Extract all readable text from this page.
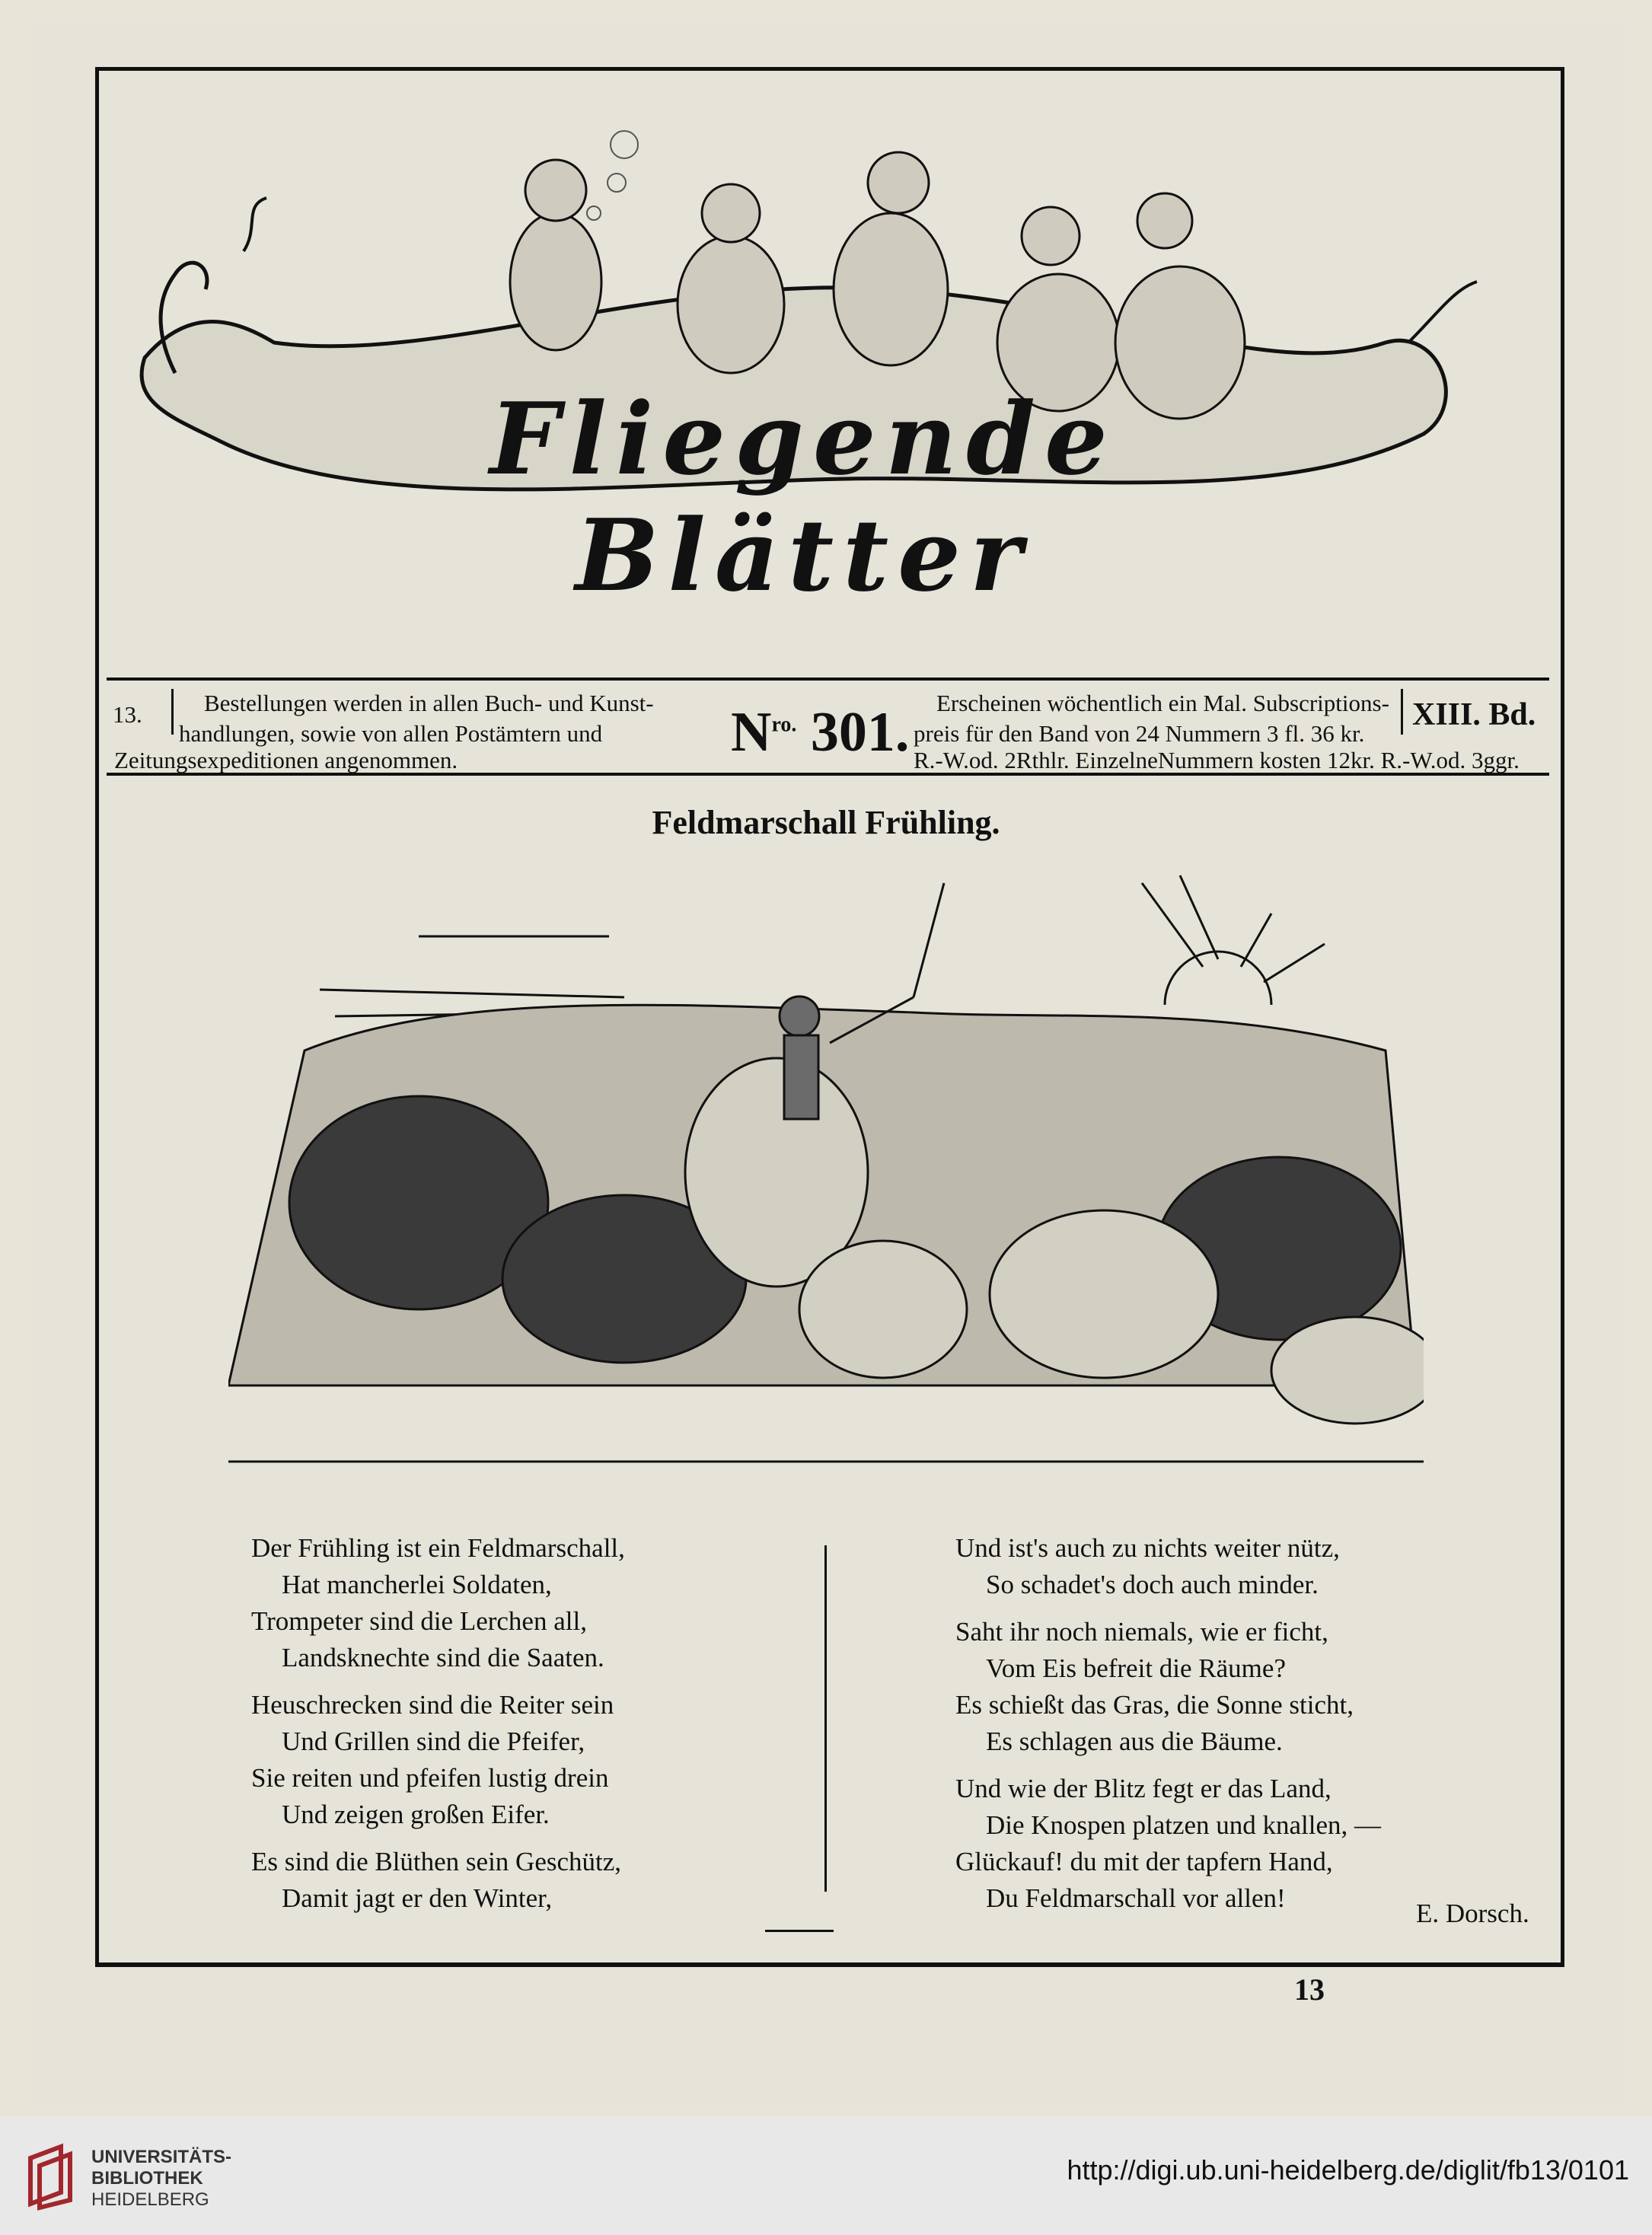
Fliegende Blätter
13.	Bestellungen werden in allen Buch- und Kunst-
handlungen, sowie von allen Postämtern und
Zeitungsexpeditionen angenommen.	$N^{ro.}$ 301. Erscheinen wöchentlich ein Mal. Subscriptions-
preis für den Band von 24 Nummern 3 fl. 36 kr.
R.-W.od. 2Rthlr. EinzelneNummern kosten 12kr. R.-W.od. 3ggr.
XIII. Bd.
Feldmarschall Frühling.
Der Frühling ist ein Feldmarschall,
Hat mancherlei Soldaten,
Trompeter sind die Lerchen all,
Landsknechte sind die Saaten.
Heuschrecken sind die Reiter sein
Und Grillen sind die Pfeifer,
Sie reiten und pfeifen lustig drein
Und zeigen großen Eifer.
Es sind die Blüthen sein Geschütz,
Damit jagt er den Winter,
Und ist's auch zu nichts weiter nütz,
So schadet's doch auch minder.
Saht ihr noch niemals, wie er ficht,
Vom Eis befreit die Räume?
Es schießt das Gras, die Sonne sticht,
Es schlagen aus die Bäume.
Und wie der Blitz fegt er das Land,
Die Knospen platzen und knallen, —
Glückauf! du mit der tapfern Hand,
Du Feldmarschall vor allen!
E. Dorsch.
13
UNIVERSITÄTS-
BIBLIOTHEK
HEIDELBERG
http://digi.ub.uni-heidelberg.de/diglit/fb13/0101
